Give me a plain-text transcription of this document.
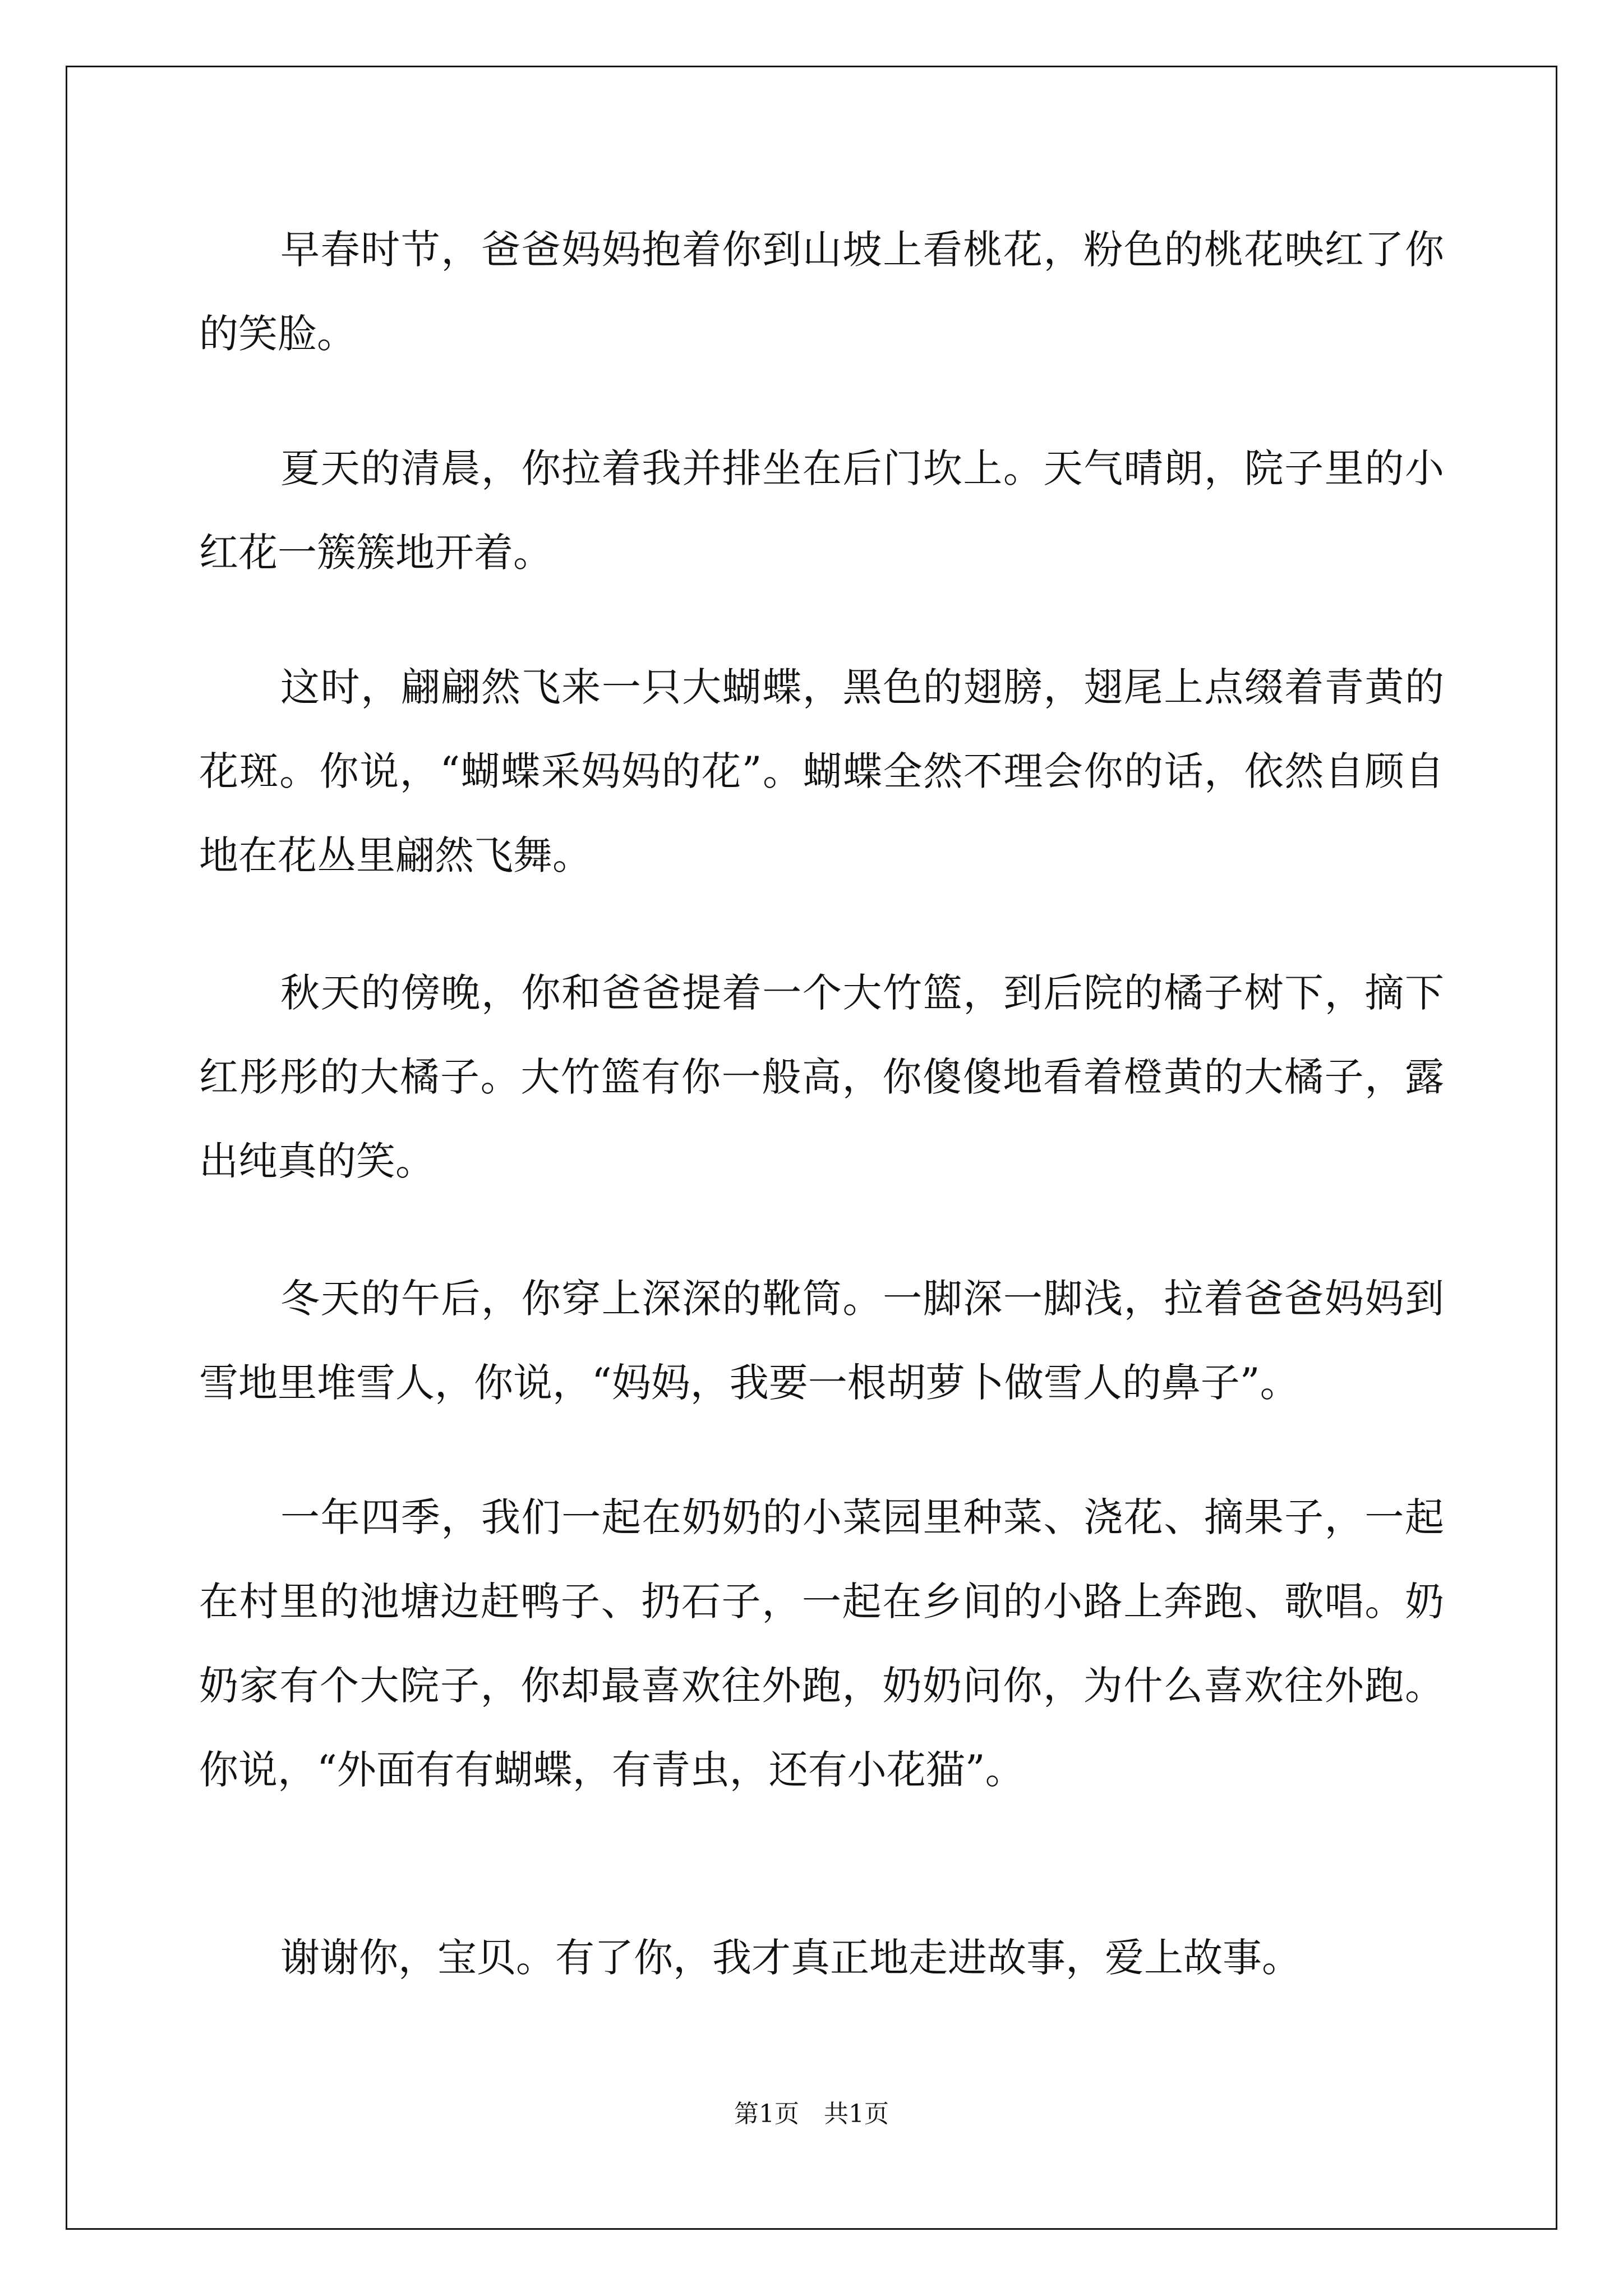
早春时节，爸爸妈妈抱着你到山坡上看桃花，粉色的桃花映红了你的笑脸。

夏天的清晨，你拉着我并排坐在后门坎上。天气晴朗，院子里的小红花一簇簇地开着。

这时，翩翩然飞来一只大蝴蝶，黑色的翅膀，翅尾上点缀着青黄的花斑。你说，“蝴蝶采妈妈的花”。蝴蝶全然不理会你的话，依然自顾自地在花丛里翩然飞舞。

秋天的傍晚，你和爸爸提着一个大竹篮，到后院的橘子树下，摘下红彤彤的大橘子。大竹篮有你一般高，你傻傻地看着橙黄的大橘子，露出纯真的笑。

冬天的午后，你穿上深深的靴筒。一脚深一脚浅，拉着爸爸妈妈到雪地里堆雪人，你说，“妈妈，我要一根胡萝卜做雪人的鼻子”。

一年四季，我们一起在奶奶的小菜园里种菜、浇花、摘果子，一起在村里的池塘边赶鸭子、扔石子，一起在乡间的小路上奔跑、歌唱。奶奶家有个大院子，你却最喜欢往外跑，奶奶问你，为什么喜欢往外跑。你说，“外面有有蝴蝶，有青虫，还有小花猫”。

谢谢你，宝贝。有了你，我才真正地走进故事，爱上故事。

第1页　共1页
